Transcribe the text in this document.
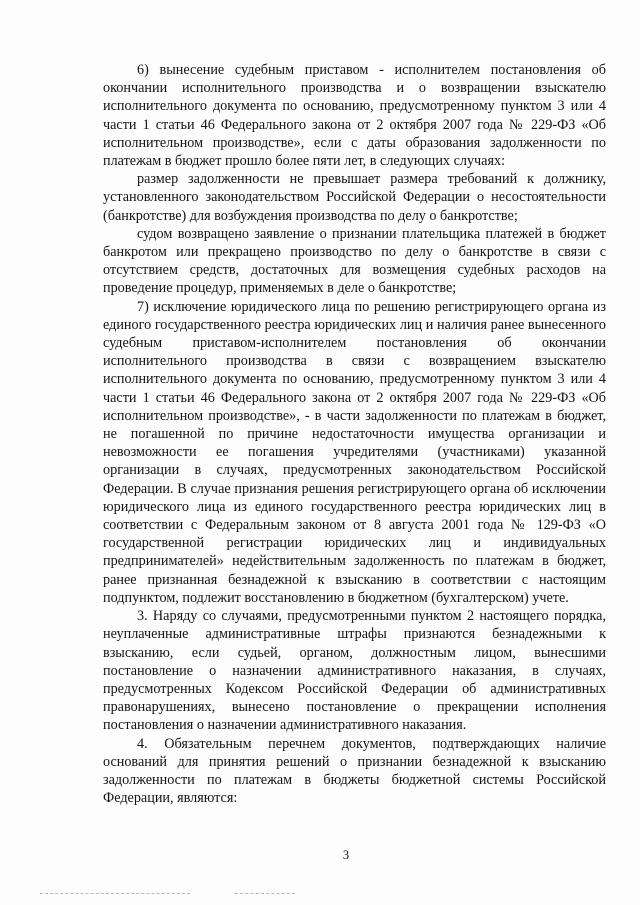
6) вынесение судебным приставом - исполнителем постановления об окончании исполнительного производства и о возвращении взыскателю исполнительного документа по основанию, предусмотренному пунктом 3 или 4 части 1 статьи 46 Федерального закона от 2 октября 2007 года № 229-ФЗ «Об исполнительном производстве», если с даты образования задолженности по платежам в бюджет прошло более пяти лет, в следующих случаях:

размер задолженности не превышает размера требований к должнику, установленного законодательством Российской Федерации о несостоятельности (банкротстве) для возбуждения производства по делу о банкротстве;

судом возвращено заявление о признании плательщика платежей в бюджет банкротом или прекращено производство по делу о банкротстве в связи с отсутствием средств, достаточных для возмещения судебных расходов на проведение процедур, применяемых в деле о банкротстве;

7) исключение юридического лица по решению регистрирующего органа из единого государственного реестра юридических лиц и наличия ранее вынесенного судебным приставом-исполнителем постановления об окончании исполнительного производства в связи с возвращением взыскателю исполнительного документа по основанию, предусмотренному пунктом 3 или 4 части 1 статьи 46 Федерального закона от 2 октября 2007 года № 229-ФЗ «Об исполнительном производстве», - в части задолженности по платежам в бюджет, не погашенной по причине недостаточности имущества организации и невозможности ее погашения учредителями (участниками) указанной организации в случаях, предусмотренных законодательством Российской Федерации. В случае признания решения регистрирующего органа об исключении юридического лица из единого государственного реестра юридических лиц в соответствии с Федеральным законом от 8 августа 2001 года № 129-ФЗ «О государственной регистрации юридических лиц и индивидуальных предпринимателей» недействительным задолженность по платежам в бюджет, ранее признанная безнадежной к взысканию в соответствии с настоящим подпунктом, подлежит восстановлению в бюджетном (бухгалтерском) учете.

3. Наряду со случаями, предусмотренными пунктом 2 настоящего порядка, неуплаченные административные штрафы признаются безнадежными к взысканию, если судьей, органом, должностным лицом, вынесшими постановление о назначении административного наказания, в случаях, предусмотренных Кодексом Российской Федерации об административных правонарушениях, вынесено постановление о прекращении исполнения постановления о назначении административного наказания.

4. Обязательным перечнем документов, подтверждающих наличие оснований для принятия решений о признании безнадежной к взысканию задолженности по платежам в бюджеты бюджетной системы Российской Федерации, являются:

3
